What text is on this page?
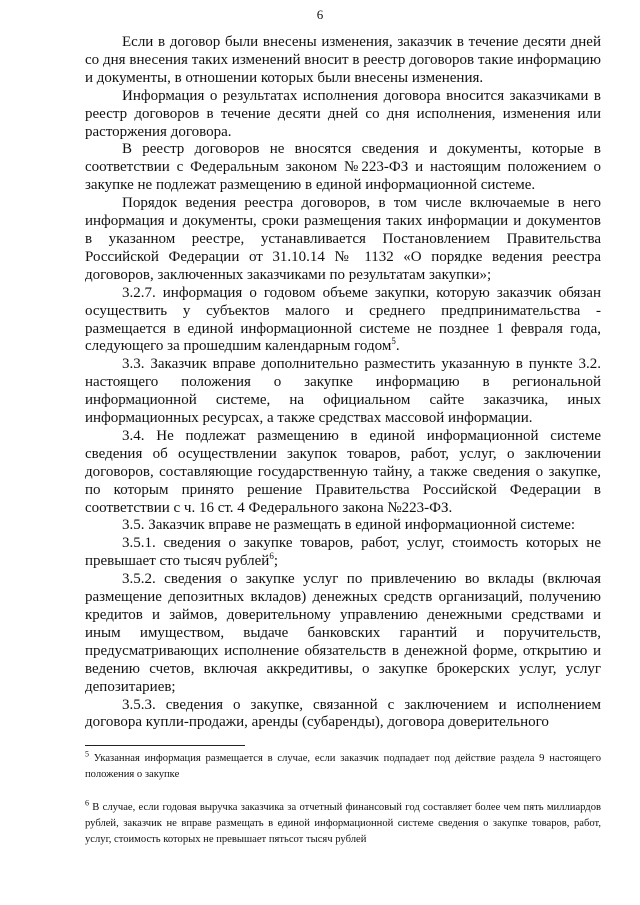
6

Если в договор были внесены изменения, заказчик в течение десяти дней со дня внесения таких изменений вносит в реестр договоров такие информацию и документы, в отношении которых были внесены изменения.

Информация о результатах исполнения договора вносится заказчиками в реестр договоров в течение десяти дней со дня исполнения, изменения или расторжения договора.

В реестр договоров не вносятся сведения и документы, которые в соответствии с Федеральным законом №223-ФЗ и настоящим положением о закупке не подлежат размещению в единой информационной системе.

Порядок ведения реестра договоров, в том числе включаемые в него информация и документы, сроки размещения таких информации и документов в указанном реестре, устанавливается Постановлением Правительства Российской Федерации от 31.10.14 № 1132 «О порядке ведения реестра договоров, заключенных заказчиками по результатам закупки»;

3.2.7. информация о годовом объеме закупки, которую заказчик обязан осуществить у субъектов малого и среднего предпринимательства - размещается в единой информационной системе не позднее 1 февраля года, следующего за прошедшим календарным годом$^5$.

3.3. Заказчик вправе дополнительно разместить указанную в пункте 3.2. настоящего положения о закупке информацию в региональной информационной системе, на официальном сайте заказчика, иных информационных ресурсах, а также средствах массовой информации.

3.4. Не подлежат размещению в единой информационной системе сведения об осуществлении закупок товаров, работ, услуг, о заключении договоров, составляющие государственную тайну, а также сведения о закупке, по которым принято решение Правительства Российской Федерации в соответствии с ч. 16 ст. 4 Федерального закона №223-ФЗ.

3.5. Заказчик вправе не размещать в единой информационной системе:

3.5.1. сведения о закупке товаров, работ, услуг, стоимость которых не превышает сто тысяч рублей$^6$;

3.5.2. сведения о закупке услуг по привлечению во вклады (включая размещение депозитных вкладов) денежных средств организаций, получению кредитов и займов, доверительному управлению денежными средствами и иным имуществом, выдаче банковских гарантий и поручительств, предусматривающих исполнение обязательств в денежной форме, открытию и ведению счетов, включая аккредитивы, о закупке брокерских услуг, услуг депозитариев;

3.5.3. сведения о закупке, связанной с заключением и исполнением договора купли-продажи, аренды (субаренды), договора доверительного

$^5$ Указанная информация размещается в случае, если заказчик подпадает под действие раздела 9 настоящего положения о закупке

$^6$ В случае, если годовая выручка заказчика за отчетный финансовый год составляет более чем пять миллиардов рублей, заказчик не вправе размещать в единой информационной системе сведения о закупке товаров, работ, услуг, стоимость которых не превышает пятьсот тысяч рублей
